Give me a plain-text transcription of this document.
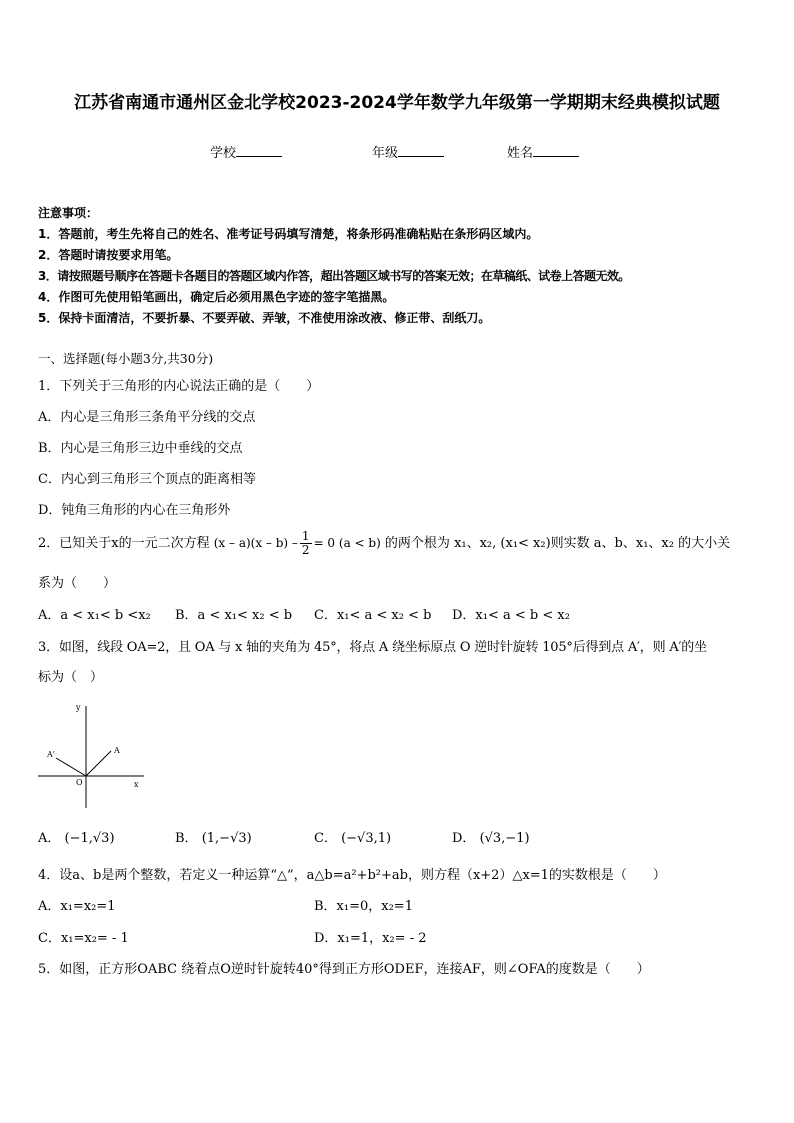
江苏省南通市通州区金北学校2023-2024学年数学九年级第一学期期末经典模拟试题
学校	年级	姓名
注意事项：
1．答题前，考生先将自己的姓名、准考证号码填写清楚，将条形码准确粘贴在条形码区域内。
2．答题时请按要求用笔。
3．请按照题号顺序在答题卡各题目的答题区域内作答，超出答题区域书写的答案无效；在草稿纸、试卷上答题无效。
4．作图可先使用铅笔画出，确定后必须用黑色字迹的签字笔描黑。
5．保持卡面清洁，不要折暴、不要弄破、弄皱，不准使用涂改液、修正带、刮纸刀。
一、选择题(每小题3分,共30分)
1．下列关于三角形的内心说法正确的是（　　）
A．内心是三角形三条角平分线的交点
B．内心是三角形三边中垂线的交点
C．内心到三角形三个顶点的距离相等
D．钝角三角形的内心在三角形外
2．已知关于x的一元二次方程 $(x - a)(x - b) - \frac{1}{2} = 0$ (a < b) 的两个根为 x₁、x₂, (x₁< x₂)则实数 a、b、x₁、x₂ 的大小关
系为（　　）
A．a < x₁< b <x₂ B．a < x₁< x₂ < b C．x₁< a < x₂ < b D．x₁< a < b < x₂
3．如图，线段 OA=2，且 OA 与 x 轴的夹角为 45°，将点 A 绕坐标原点 O 逆时针旋转 105°后得到点 A′，则 A′的坐
标为（　）
y
x
O
A
A'
A． (−1,√3)	B． (1,−√3)	C． (−√3,1)	D． (√3,−1)
4．设a、b是两个整数，若定义一种运算“△”，a△b=a²+b²+ab，则方程（x+2）△x=1的实数根是（　　）
A．x₁=x₂=1	B．x₁=0，x₂=1
C．x₁=x₂= - 1	D．x₁=1，x₂= - 2
5．如图，正方形OABC 绕着点O逆时针旋转40°得到正方形ODEF，连接AF，则∠OFA的度数是（　　）
